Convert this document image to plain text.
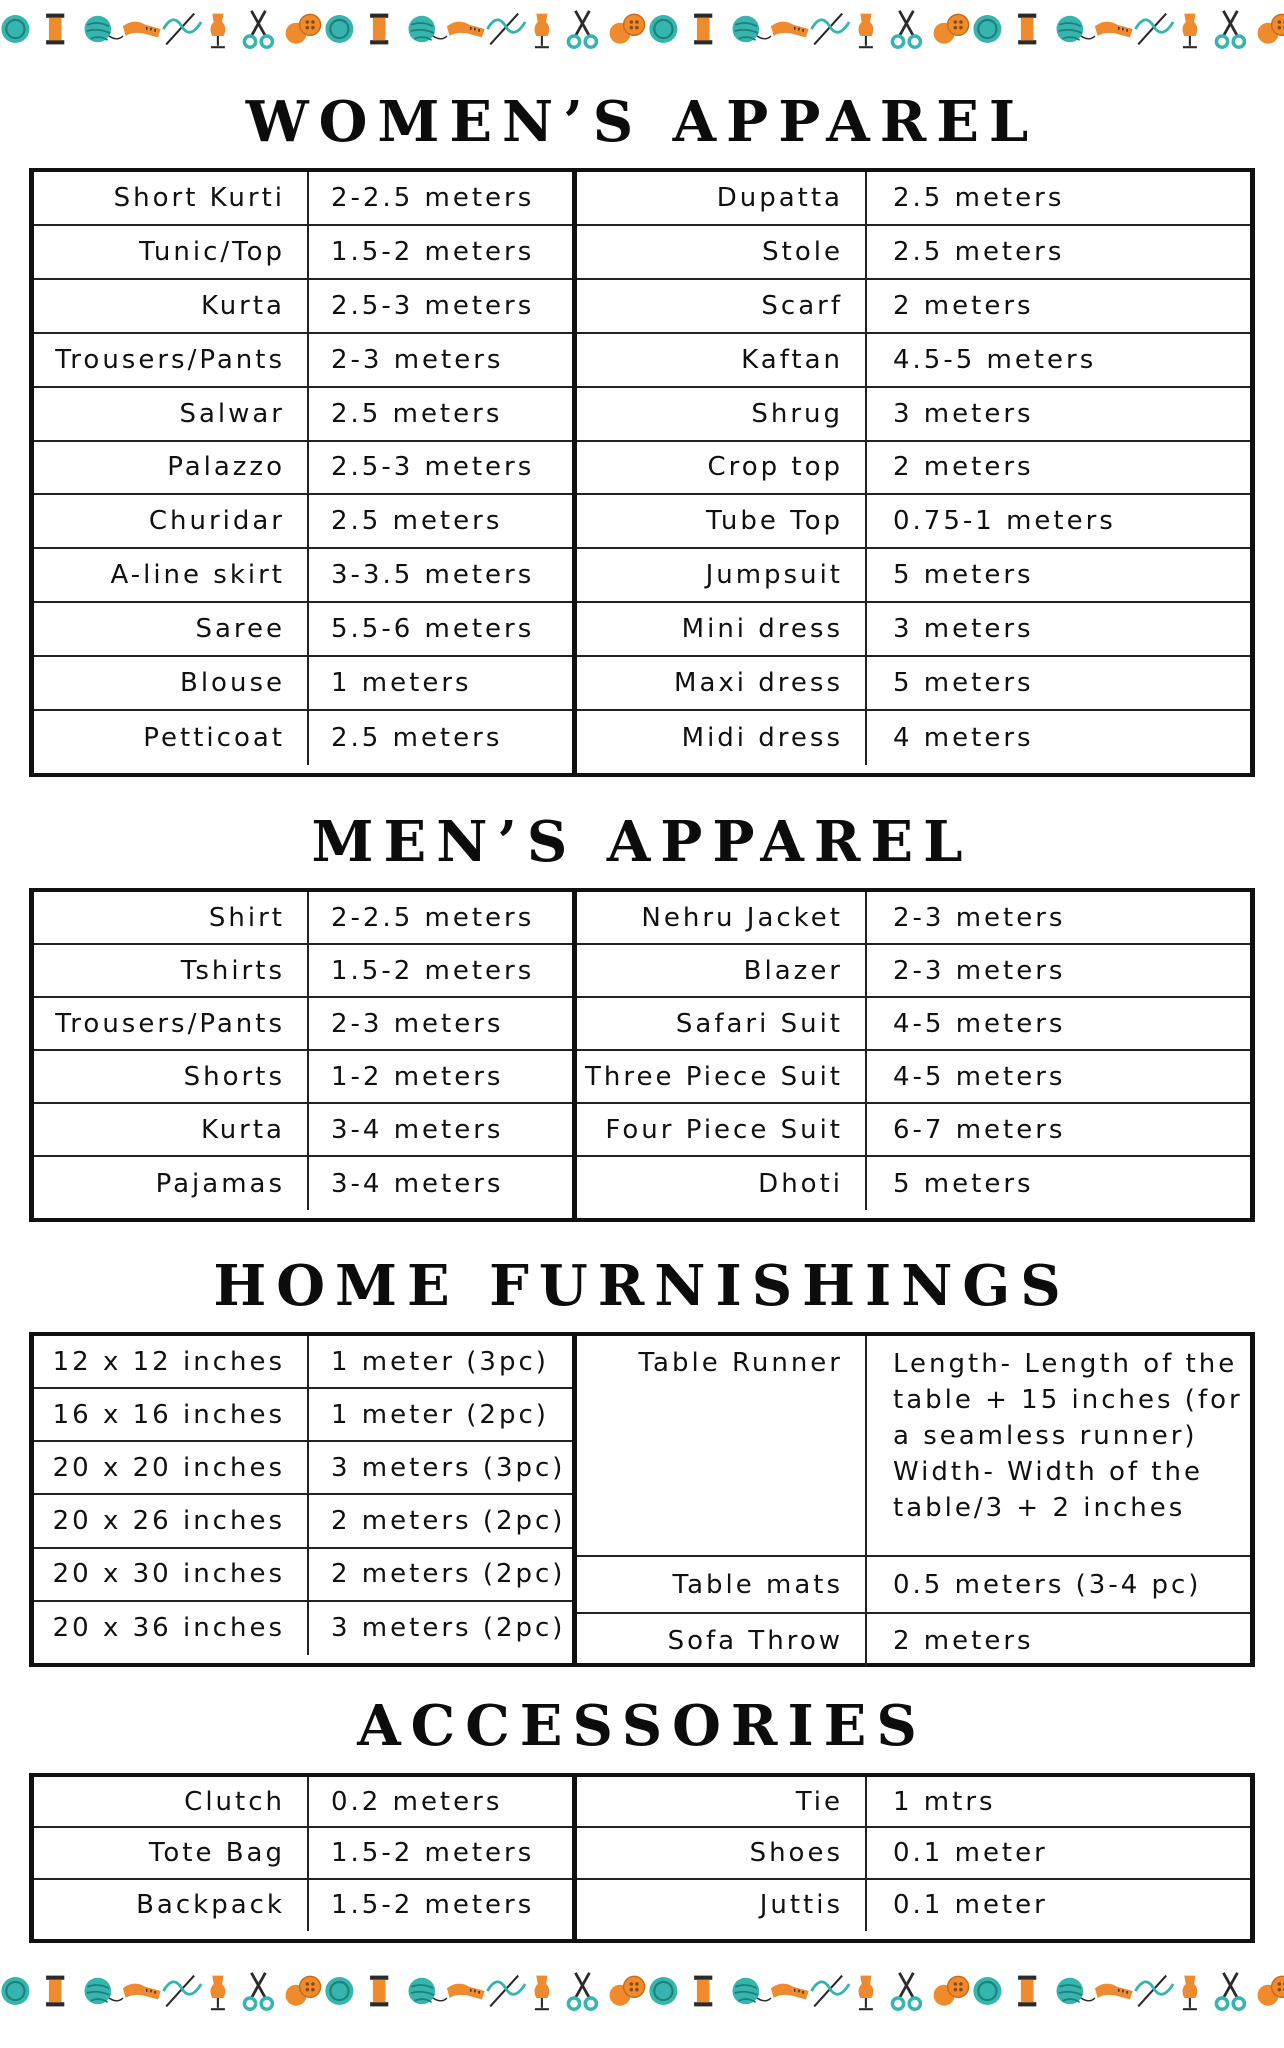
WOMEN’S APPAREL
Short Kurti	2-2.5 meters
Tunic/Top	1.5-2 meters
Kurta	2.5-3 meters
Trousers/Pants	2-3 meters
Salwar	2.5 meters
Palazzo	2.5-3 meters
Churidar	2.5 meters
A-line skirt	3-3.5 meters
Saree	5.5-6 meters
Blouse	1 meters
Petticoat	2.5 meters
Dupatta	2.5 meters
Stole	2.5 meters
Scarf	2 meters
Kaftan	4.5-5 meters
Shrug	3 meters
Crop top	2 meters
Tube Top	0.75-1 meters
Jumpsuit	5 meters
Mini dress	3 meters
Maxi dress	5 meters
Midi dress	4 meters
MEN’S APPAREL
Shirt	2-2.5 meters
Tshirts	1.5-2 meters
Trousers/Pants	2-3 meters
Shorts	1-2 meters
Kurta	3-4 meters
Pajamas	3-4 meters
Nehru Jacket	2-3 meters
Blazer	2-3 meters
Safari Suit	4-5 meters
Three Piece Suit	4-5 meters
Four Piece Suit	6-7 meters
Dhoti	5 meters
HOME FURNISHINGS
12 x 12 inches	1 meter (3pc)
16 x 16 inches	1 meter (2pc)
20 x 20 inches	3 meters (3pc)
20 x 26 inches	2 meters (2pc)
20 x 30 inches	2 meters (2pc)
20 x 36 inches	3 meters (2pc)
Table Runner	Length- Length of the table + 15 inches (for a seamless runner) Width- Width of the table/3 + 2 inches
Table mats	0.5 meters (3-4 pc)
Sofa Throw	2 meters
ACCESSORIES
Clutch	0.2 meters
Tote Bag	1.5-2 meters
Backpack	1.5-2 meters
Tie	1 mtrs
Shoes	0.1 meter
Juttis	0.1 meter
